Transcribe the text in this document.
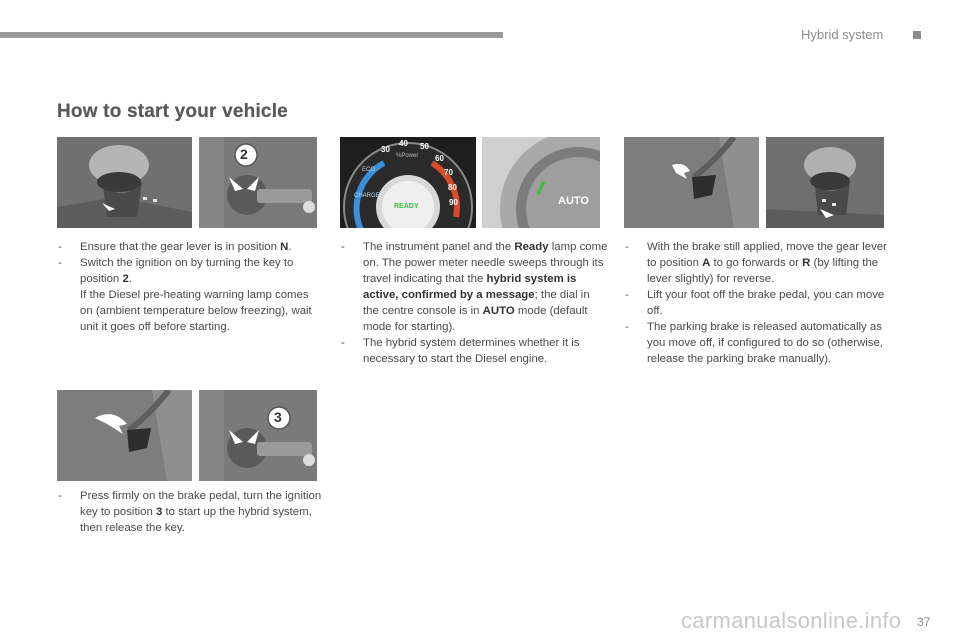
Hybrid system
How to start your vehicle
2	30
40 50
60
70
80
90
ECO
CHARGE
%Power
READY	AUTO
3
- Ensure that the gear lever is in position N.
- Switch the ignition on by turning the key to position 2.
If the Diesel pre-heating warning lamp comes on (ambient temperature below freezing), wait unit it goes off before starting.
- Press firmly on the brake pedal, turn the ignition key to position 3 to start up the hybrid system, then release the key.
- The instrument panel and the Ready lamp come on. The power meter needle sweeps through its travel indicating that the hybrid system is active, confirmed by a message; the dial in the centre console is in AUTO mode (default mode for starting).
- The hybrid system determines whether it is necessary to start the Diesel engine.
- With the brake still applied, move the gear lever to position A to go forwards or R (by lifting the lever slightly) for reverse.
- Lift your foot off the brake pedal, you can move off.
- The parking brake is released automatically as you move off, if configured to do so (otherwise, release the parking brake manually).
carmanualsonline.info 37
